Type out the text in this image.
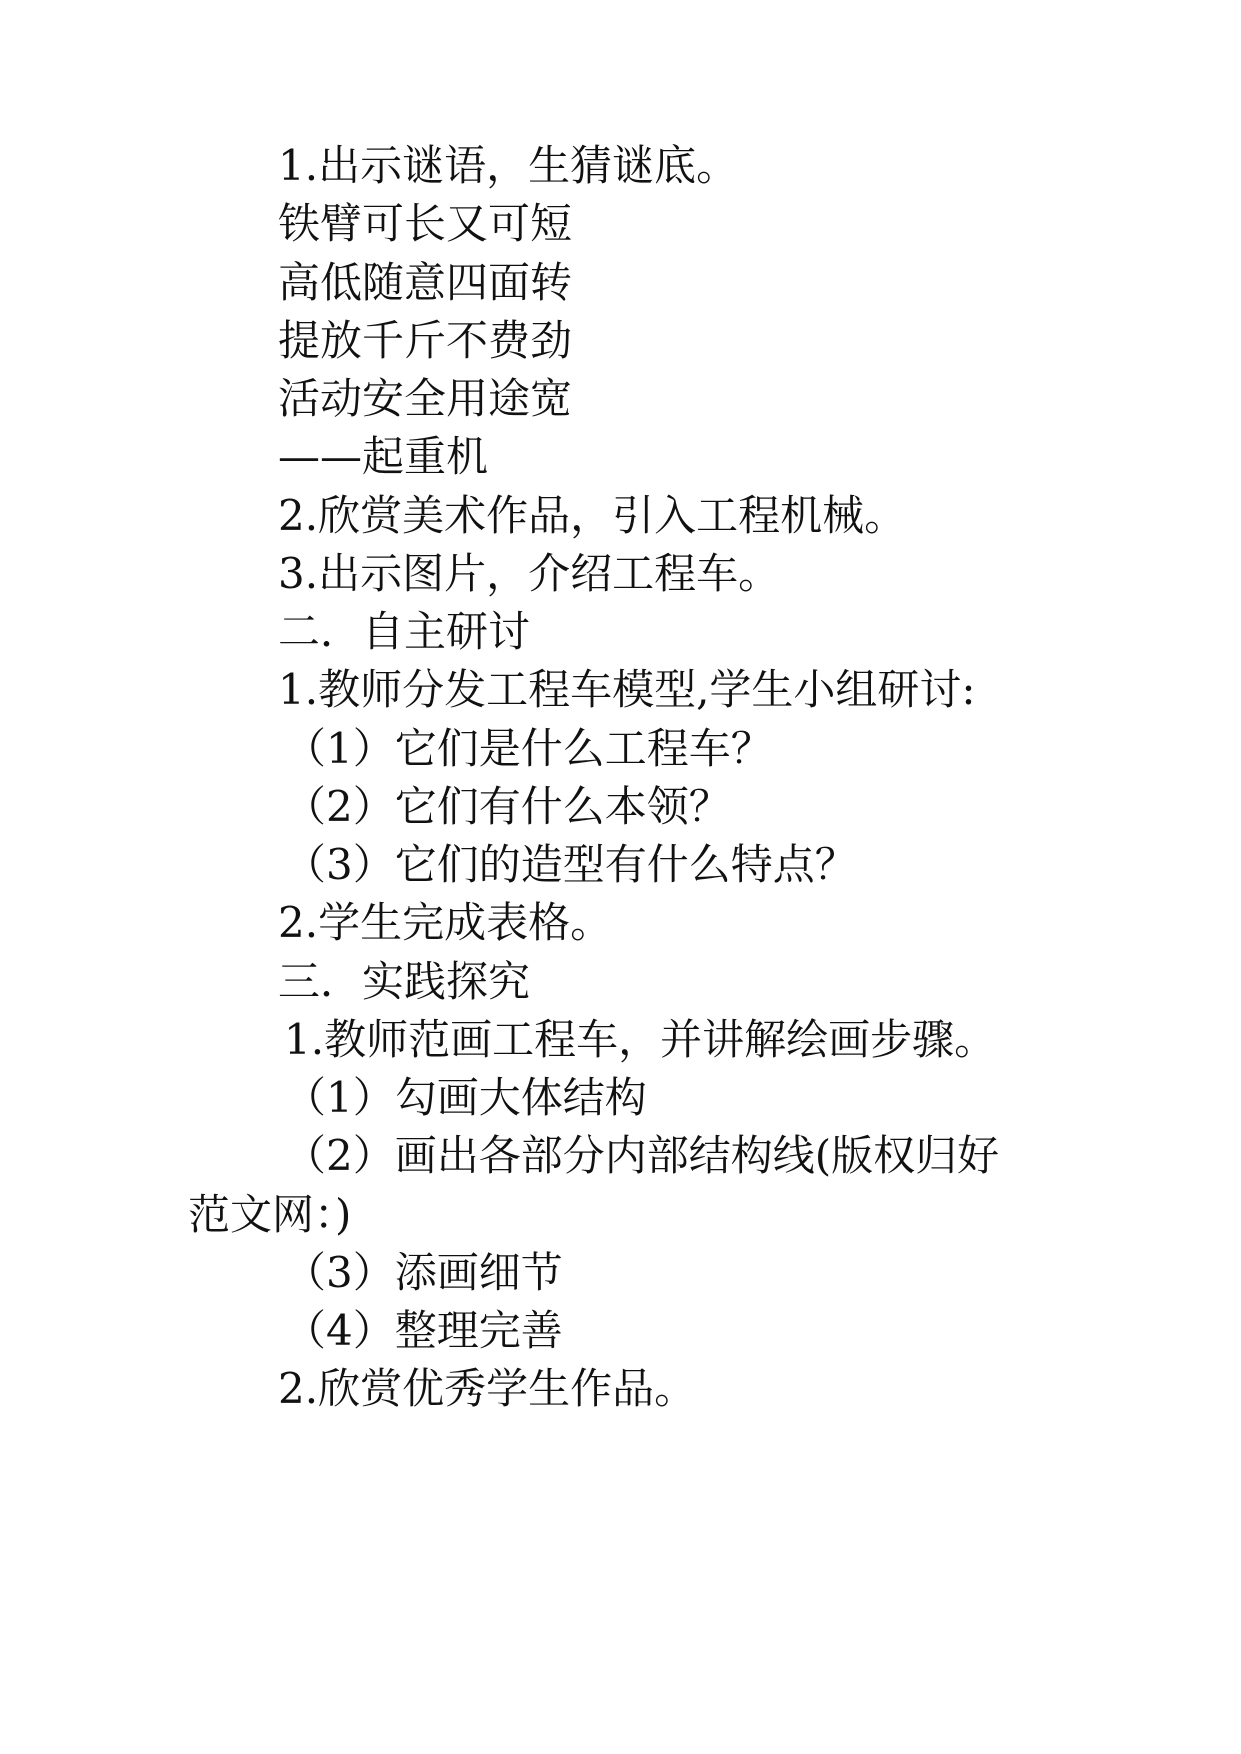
1.出示谜语，生猜谜底。
铁臂可长又可短
高低随意四面转
提放千斤不费劲
活动安全用途宽
——起重机
2.欣赏美术作品，引入工程机械。
3.出示图片，介绍工程车。
二．自主研讨
1.教师分发工程车模型,学生小组研讨:
（1）它们是什么工程车？
（2）它们有什么本领？
（3）它们的造型有什么特点？
2.学生完成表格。
三．实践探究
1.教师范画工程车，并讲解绘画步骤。
（1）勾画大体结构
（2）画出各部分内部结构线(版权归好
范文网：)
（3）添画细节
（4）整理完善
2.欣赏优秀学生作品。
